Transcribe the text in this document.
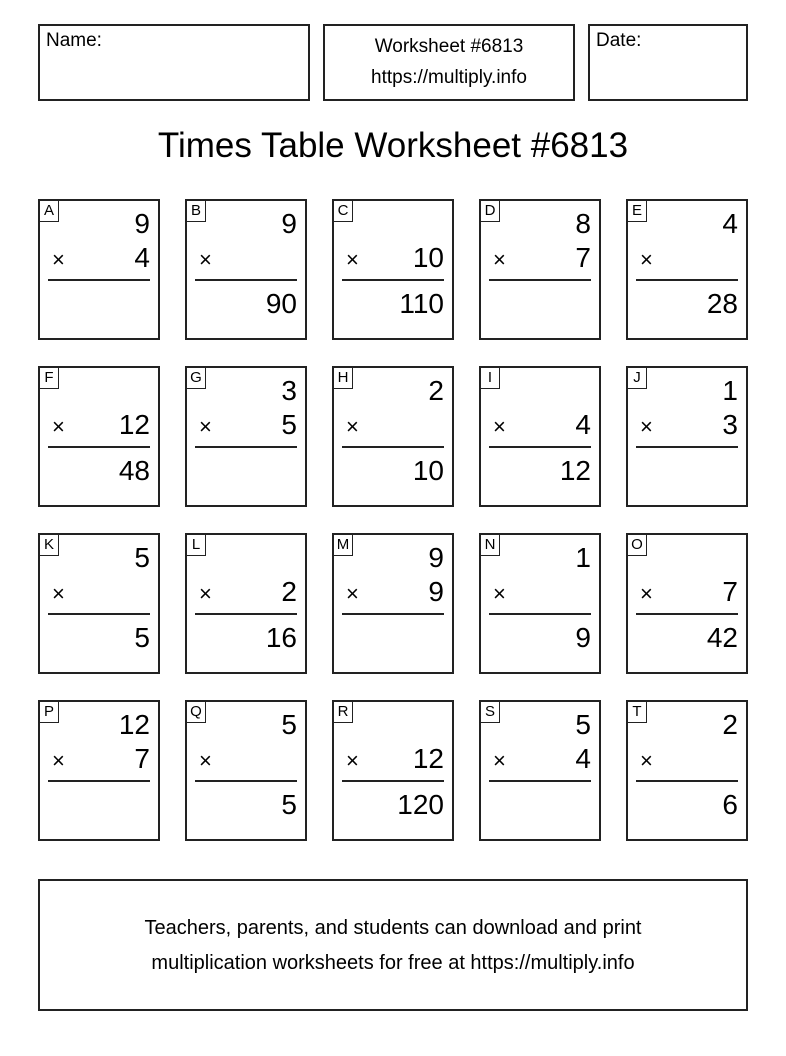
Name:	Worksheet #6813
https://multiply.info
Date:
Times Table Worksheet #6813
A	9
× 4
B	9
×
90
C
× 10
110
D	8
× 7
E	4
×
28
F
× 12
48
G	3
× 5
H	2
×
10
I
× 4
12
J	1
× 3
K	5
×
5
L
× 2
16
M	9
× 9
N	1
×
9
O
× 7
42
P 12
× 7
Q	5
×
5
R
× 12
120
S	5
× 4
T	2
×
6
Teachers, parents, and students can download and print
multiplication worksheets for free at https://multiply.info
